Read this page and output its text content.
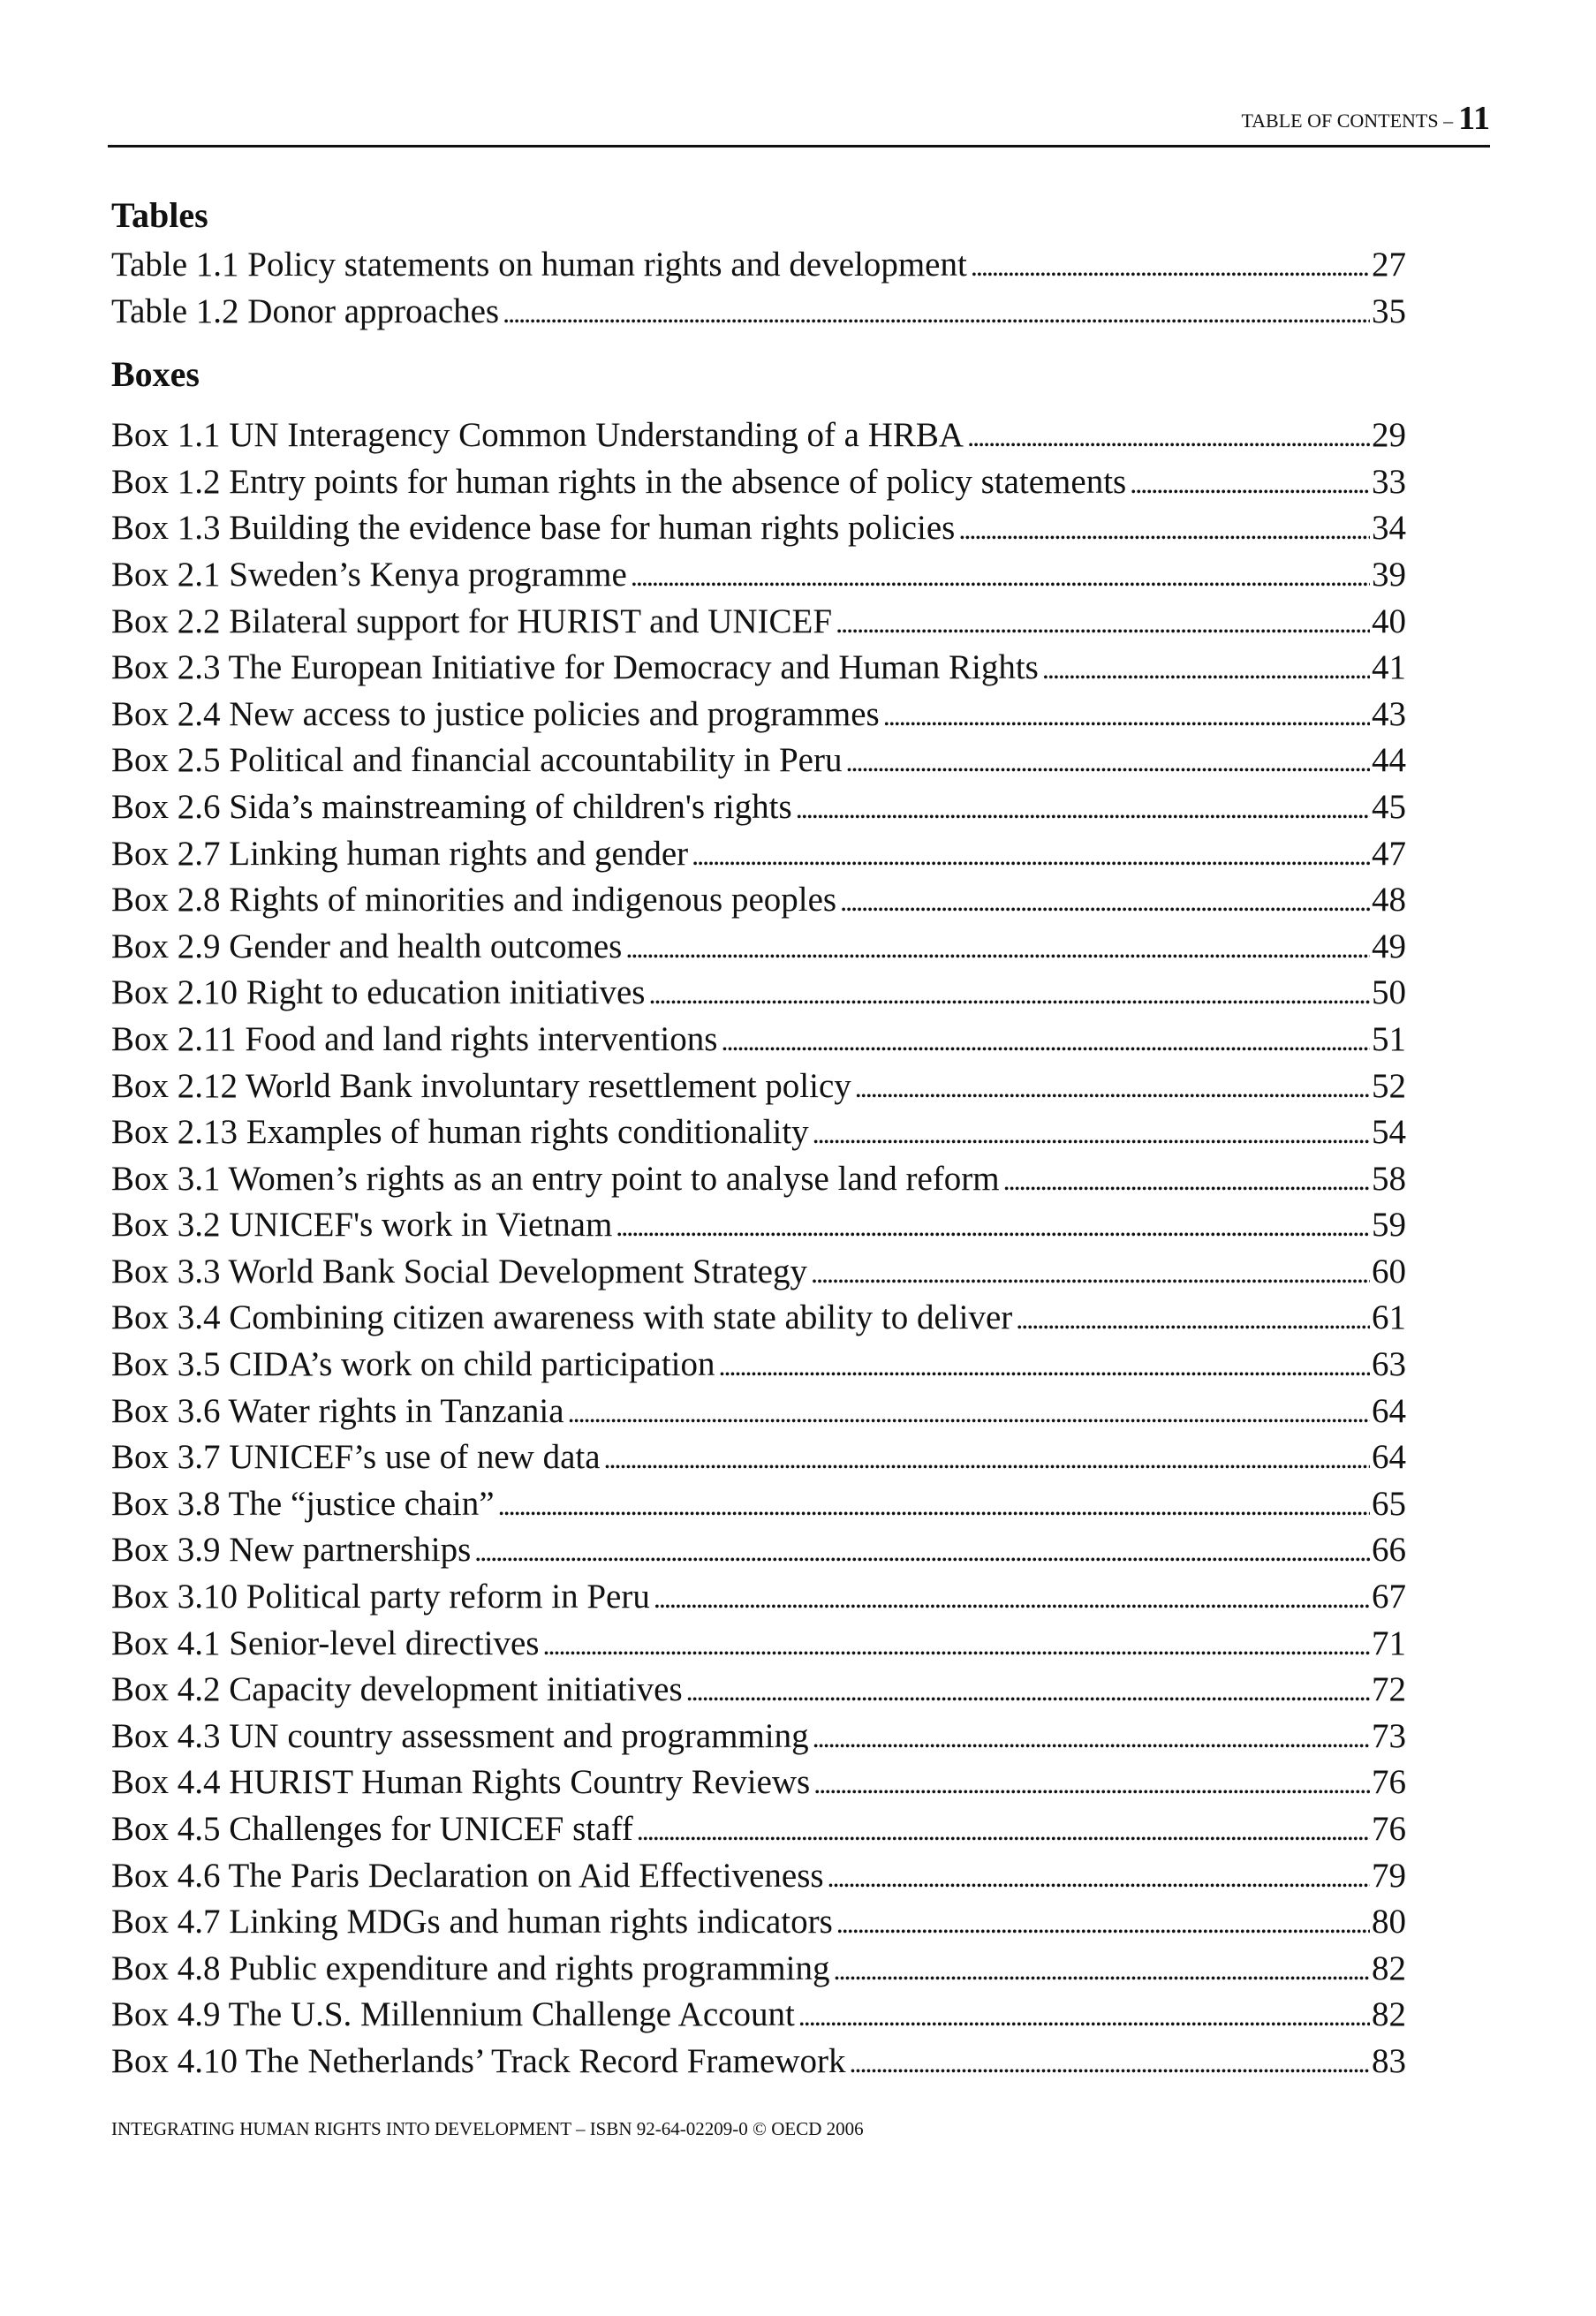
TABLE OF CONTENTS – 11
Tables
Table 1.1 Policy statements on human rights and development . . .	27
Table 1.2 Donor approaches . . .	35
Boxes
Box 1.1 UN Interagency Common Understanding of a HRBA . . .	29
Box 1.2 Entry points for human rights in the absence of policy statements . . .	33
Box 1.3 Building the evidence base for human rights policies . . .	34
Box 2.1 Sweden’s Kenya programme . . .	39
Box 2.2 Bilateral support for HURIST and UNICEF . . .	40
Box 2.3 The European Initiative for Democracy and Human Rights . . .	41
Box 2.4 New access to justice policies and programmes . . .	43
Box 2.5 Political and financial accountability in Peru . . .	44
Box 2.6 Sida’s mainstreaming of children's rights . . .	45
Box 2.7 Linking human rights and gender . . .	47
Box 2.8 Rights of minorities and indigenous peoples . . .	48
Box 2.9 Gender and health outcomes . . .	49
Box 2.10 Right to education initiatives . . .	50
Box 2.11 Food and land rights interventions . . .	51
Box 2.12 World Bank involuntary resettlement policy . . .	52
Box 2.13 Examples of human rights conditionality . . .	54
Box 3.1 Women’s rights as an entry point to analyse land reform . . .	58
Box 3.2 UNICEF's work in Vietnam . . .	59
Box 3.3 World Bank Social Development Strategy . . .	60
Box 3.4 Combining citizen awareness with state ability to deliver . . .	61
Box 3.5 CIDA’s work on child participation . . .	63
Box 3.6 Water rights in Tanzania . . .	64
Box 3.7 UNICEF’s use of new data . . .	64
Box 3.8 The “justice chain” . . .	65
Box 3.9 New partnerships . . .	66
Box 3.10 Political party reform in Peru . . .	67
Box 4.1 Senior-level directives . . .	71
Box 4.2 Capacity development initiatives . . .	72
Box 4.3 UN country assessment and programming . . .	73
Box 4.4 HURIST Human Rights Country Reviews . . .	76
Box 4.5 Challenges for UNICEF staff . . .	76
Box 4.6 The Paris Declaration on Aid Effectiveness . . .	79
Box 4.7 Linking MDGs and human rights indicators . . .	80
Box 4.8 Public expenditure and rights programming . . .	82
Box 4.9 The U.S. Millennium Challenge Account . . .	82
Box 4.10 The Netherlands’ Track Record Framework . . .	83
INTEGRATING HUMAN RIGHTS INTO DEVELOPMENT – ISBN 92-64-02209-0 © OECD 2006
